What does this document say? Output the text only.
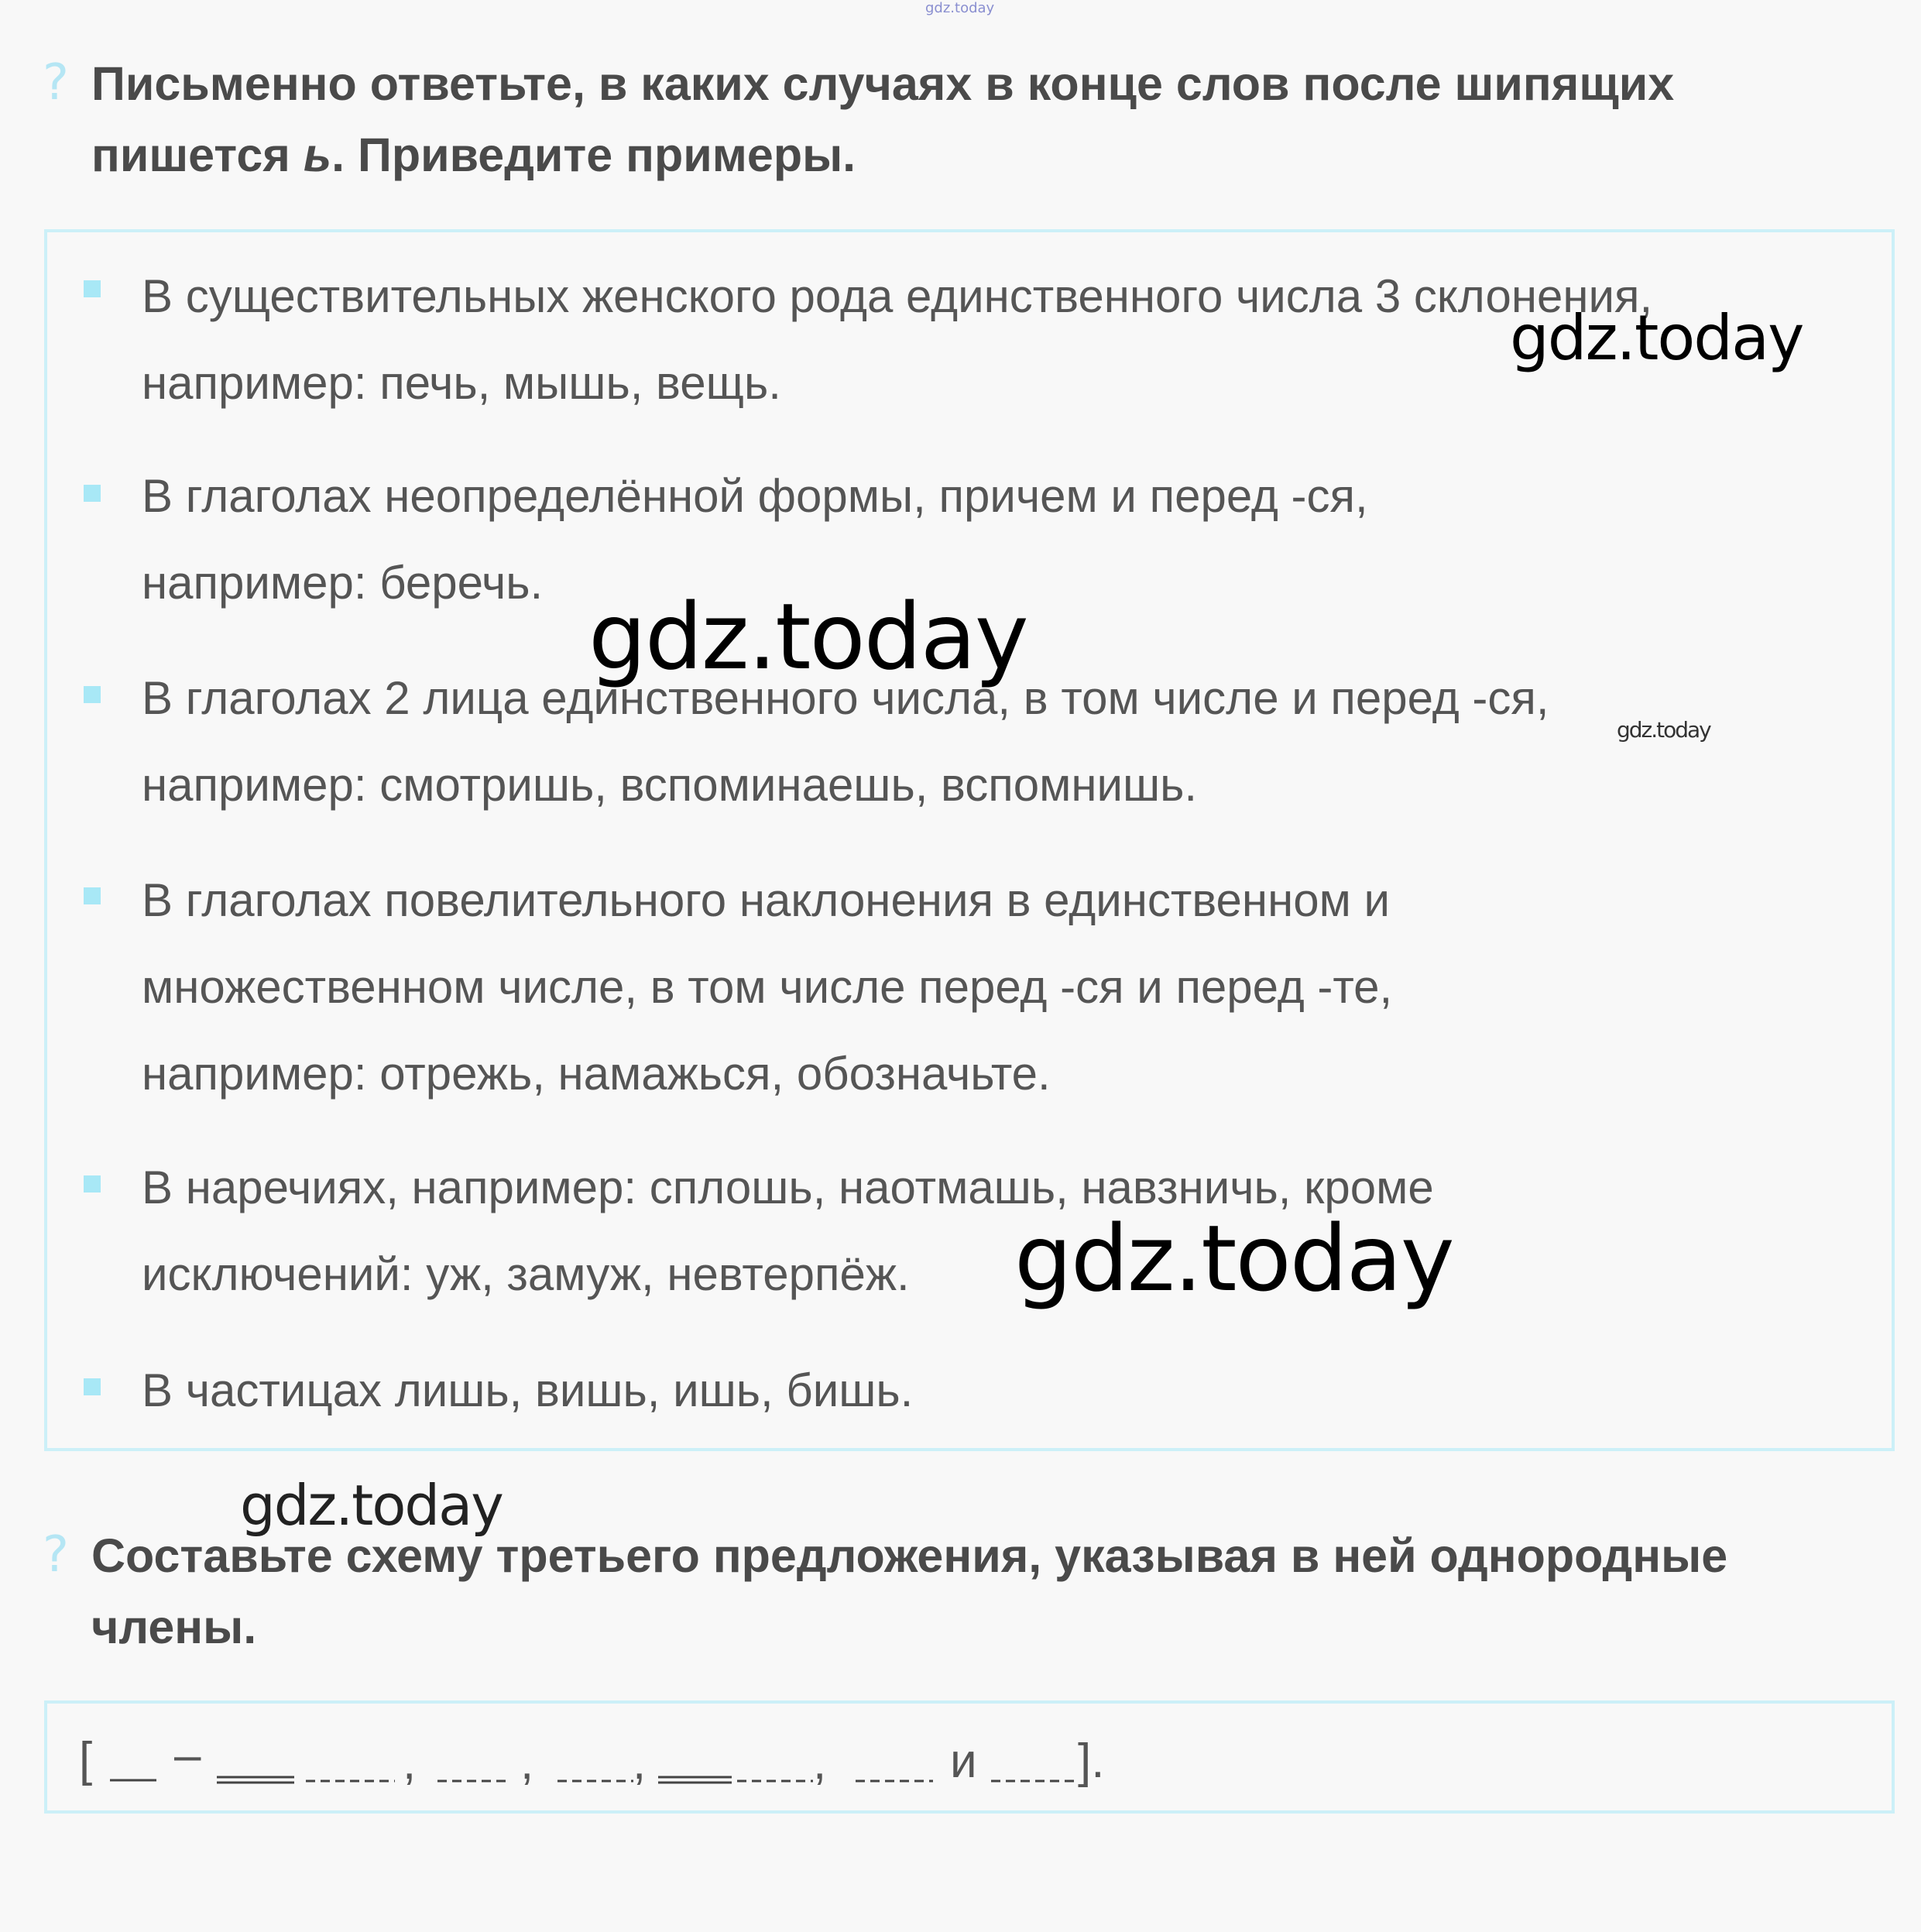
gdz.today
? Письменно ответьте, в каких случаях в конце слов после шипящих
пишется ь. Приведите примеры.
В существительных женского рода единственного числа 3 склонения,
например: печь, мышь, вещь.
В глаголах неопределённой формы, причем и перед -ся,
например: беречь.
В глаголах 2 лица единственного числа, в том числе и перед -ся,
например: смотришь, вспоминаешь, вспомнишь.
В глаголах повелительного наклонения в единственном и
множественном числе, в том числе перед -ся и перед -те,
например: отрежь, намажься, обозначьте.
В наречиях, например: сплошь, наотмашь, навзничь, кроме
исключений: уж, замуж, невтерпёж.
В частицах лишь, вишь, ишь, бишь.
? Составьте схему третьего предложения, указывая в ней однородные
члены.
[ –	, , ,	,	и ].
gdz.today
gdz.today
gdz.today
gdz.today
gdz.today
